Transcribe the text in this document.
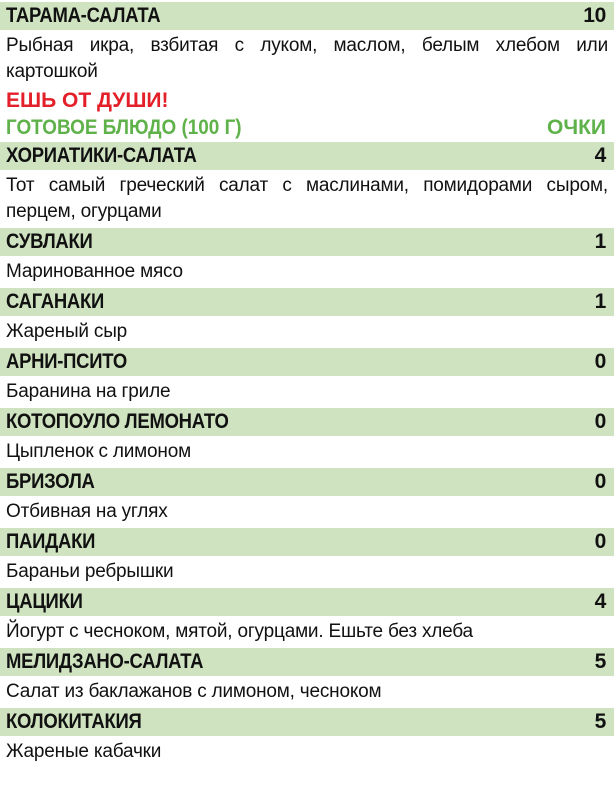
ТАРАМА-САЛАТА	10
Рыбная икра, взбитая с луком, маслом, белым хлебом или картошкой
ЕШЬ ОТ ДУШИ!
ГОТОВОЕ БЛЮДО (100 Г)	ОЧКИ
ХОРИАТИКИ-САЛАТА	4
Тот самый греческий салат с маслинами, помидорами сыром, перцем, огурцами
СУВЛАКИ	1
Маринованное мясо
САГАНАКИ	1
Жареный сыр
АРНИ-ПСИТО	0
Баранина на гриле
КОТОПОУЛО ЛЕМОНАТО	0
Цыпленок с лимоном
БРИЗОЛА	0
Отбивная на углях
ПАИДАКИ	0
Бараньи ребрышки
ЦАЦИКИ	4
Йогурт с чесноком, мятой, огурцами. Ешьте без хлеба
МЕЛИДЗАНО-САЛАТА	5
Салат из баклажанов с лимоном, чесноком
КОЛОКИТАКИЯ	5
Жареные кабачки
